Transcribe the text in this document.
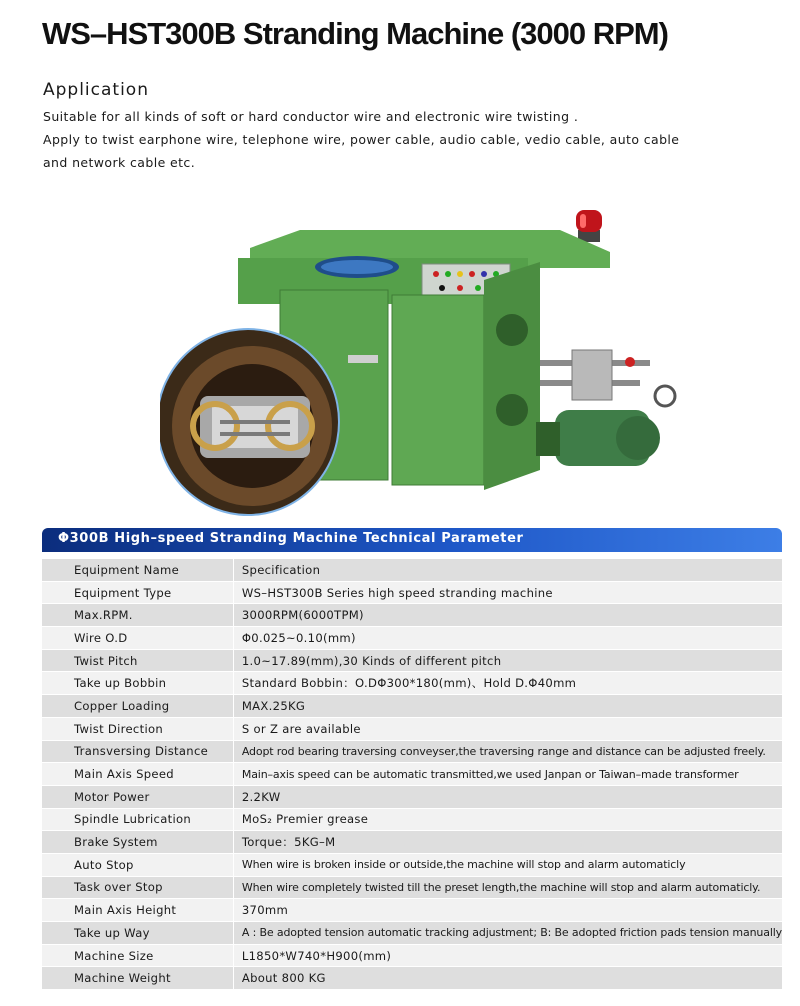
WS–HST300B Stranding Machine (3000 RPM)
Application

Suitable for all kinds of soft or hard conductor wire and electronic wire twisting .

Apply to twist earphone wire, telephone wire, power cable, audio cable, vedio cable, auto cable

and network cable etc.

Φ300B High–speed Stranding Machine Technical Parameter
Equipment Name	Specification
Equipment Type	WS–HST300B Series high speed stranding machine
Max.RPM.	3000RPM(6000TPM)
Wire O.D	Φ0.025~0.10(mm)
Twist Pitch	1.0~17.89(mm),30 Kinds of different pitch
Take up Bobbin	Standard Bobbin：O.DΦ300*180(mm)、Hold D.Φ40mm
Copper Loading	MAX.25KG
Twist Direction	S or Z are available
Transversing Distance	Adopt rod bearing traversing conveyser,the traversing range and distance can be adjusted freely.
Main Axis Speed	Main–axis speed can be automatic transmitted,we used Janpan or Taiwan–made transformer
Motor Power	2.2KW
Spindle Lubrication	MoS₂ Premier grease
Brake System	Torque：5KG–M
Auto Stop	When wire is broken inside or outside,the machine will stop and alarm automaticly
Task over Stop	When wire completely twisted till the preset length,the machine will stop and alarm automaticly.
Main Axis Height	370mm
Take up Way	A : Be adopted tension automatic tracking adjustment; B: Be adopted friction pads tension manually
Machine Size	L1850*W740*H900(mm)
Machine Weight	About 800 KG
